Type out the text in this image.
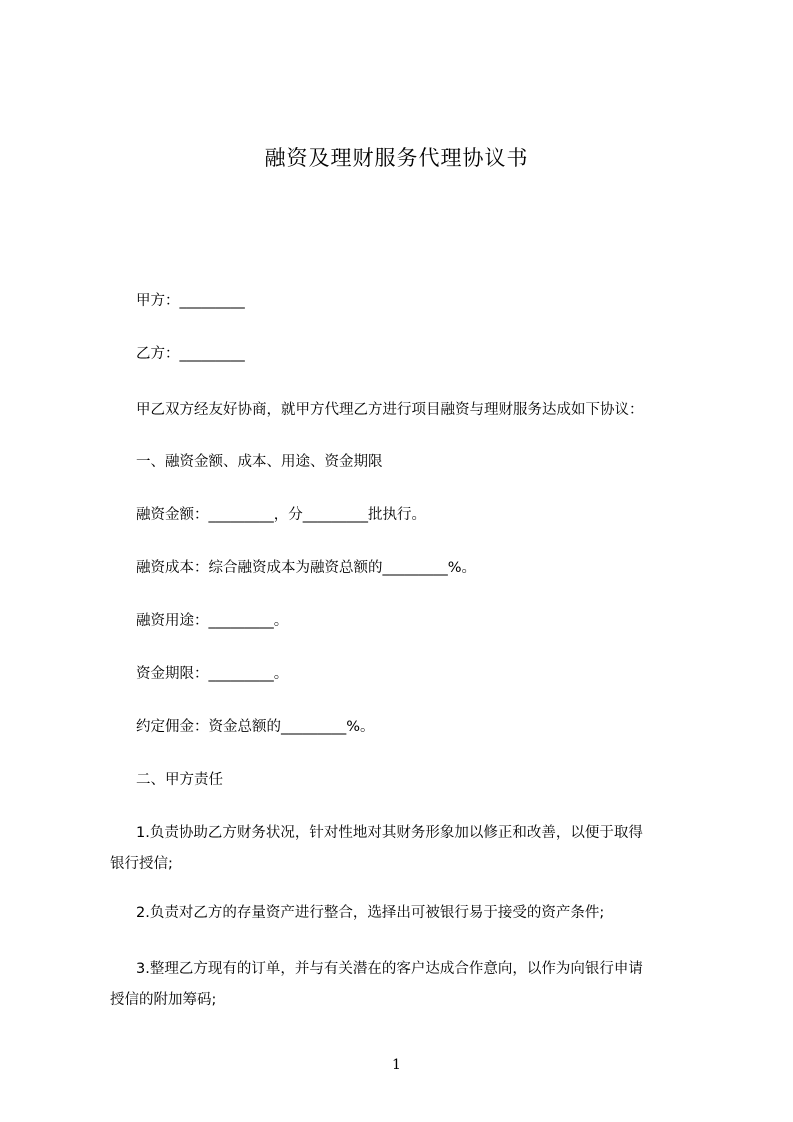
融资及理财服务代理协议书
甲方：_________
乙方：_________
甲乙双方经友好协商，就甲方代理乙方进行项目融资与理财服务达成如下协议：
一、融资金额、成本、用途、资金期限
融资金额：_________，分_________批执行。
融资成本：综合融资成本为融资总额的_________%。
融资用途：_________。
资金期限：_________。
约定佣金：资金总额的_________%。
二、甲方责任
1.负责协助乙方财务状况，针对性地对其财务形象加以修正和改善，以便于取得
银行授信;
2.负责对乙方的存量资产进行整合，选择出可被银行易于接受的资产条件;
3.整理乙方现有的订单，并与有关潜在的客户达成合作意向，以作为向银行申请
授信的附加筹码;
1
